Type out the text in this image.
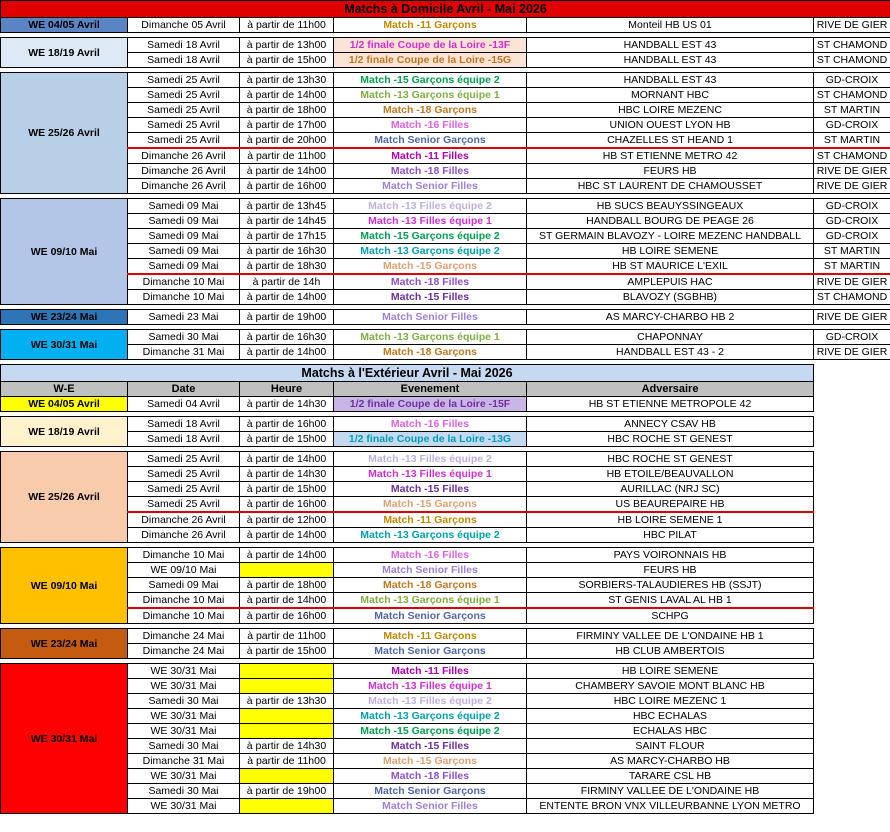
Matchs à Domicile Avril - Mai 2026					
WE 04/05 Avril	Dimanche 05 Avril	à partir de 11h00	Match -11 Garçons	Monteil HB US 01	RIVE DE GIER

WE 18/19 Avril	Samedi 18 Avril	à partir de 13h00	1/2 finale Coupe de la Loire -13F	HANDBALL EST 43	ST CHAMOND
	Samedi 18 Avril	à partir de 15h00	1/2 finale Coupe de la Loire -15G	HANDBALL EST 43	ST CHAMOND

WE 25/26 Avril	Samedi 25 Avril	à partir de 13h30	Match -15 Garçons équipe 2	HANDBALL EST 43	GD-CROIX
	Samedi 25 Avril	à partir de 14h00	Match -13 Garçons équipe 1	MORNANT HBC	ST CHAMOND
	Samedi 25 Avril	à partir de 18h00	Match -18 Garçons	HBC LOIRE MEZENC	ST MARTIN
	Samedi 25 Avril	à partir de 17h00	Match -16 Filles	UNION OUEST LYON HB	GD-CROIX
	Samedi 25 Avril	à partir de 20h00	Match Senior Garçons	CHAZELLES ST HEAND 1	ST MARTIN
	Dimanche 26 Avril	à partir de 11h00	Match -11 Filles	HB ST ETIENNE METRO 42	ST CHAMOND
	Dimanche 26 Avril	à partir de 14h00	Match -18 Filles	FEURS HB	RIVE DE GIER
	Dimanche 26 Avril	à partir de 16h00	Match Senior Filles	HBC ST LAURENT DE CHAMOUSSET	RIVE DE GIER

WE 09/10 Mai	Samedi 09 Mai	à partir de 13h45	Match -13 Filles équipe 2	HB SUCS BEAUYSSINGEAUX	GD-CROIX
	Samedi 09 Mai	à partir de 14h45	Match -13 Filles équipe 1	HANDBALL BOURG DE PEAGE 26	GD-CROIX
	Samedi 09 Mai	à partir de 17h15	Match -15 Garçons équipe 2	ST GERMAIN BLAVOZY - LOIRE MEZENC HANDBALL	GD-CROIX
	Samedi 09 Mai	à partir de 16h30	Match -13 Garçons équipe 2	HB LOIRE SEMENE	ST MARTIN
	Samedi 09 Mai	à partir de 18h30	Match -15 Garçons	HB ST MAURICE L'EXIL	ST MARTIN
	Dimanche 10 Mai	à partir de 14h	Match -18 Filles	AMPLEPUIS HAC	RIVE DE GIER
	Dimanche 10 Mai	à partir de 14h00	Match -15 Filles	BLAVOZY (SGBHB)	ST CHAMOND

WE 23/24 Mai	Samedi 23 Mai	à partir de 19h00	Match Senior Filles	AS MARCY-CHARBO HB 2	RIVE DE GIER

WE 30/31 Mai	Samedi 30 Mai	à partir de 16h30	Match -13 Garçons équipe 1	CHAPONNAY	GD-CROIX
	Dimanche 31 Mai	à partir de 14h00	Match -18 Garçons	HANDBALL EST 43 - 2	RIVE DE GIER

Matchs à l'Extérieur Avril - Mai 2026					
W-E	Date	Heure	Evenement	Adversaire	
WE 04/05 Avril	Samedi 04 Avril	à partir de 14h30	1/2 finale Coupe de la Loire -15F	HB ST ETIENNE METROPOLE 42	

WE 18/19 Avril	Samedi 18 Avril	à partir de 16h00	Match -16 Filles	ANNECY CSAV HB	
	Samedi 18 Avril	à partir de 15h00	1/2 finale Coupe de la Loire -13G	HBC ROCHE ST GENEST	

WE 25/26 Avril	Samedi 25 Avril	à partir de 14h00	Match -13 Filles équipe 2	HBC ROCHE ST GENEST	
	Samedi 25 Avril	à partir de 14h30	Match -13 Filles équipe 1	HB ETOILE/BEAUVALLON	
	Samedi 25 Avril	à partir de 15h00	Match -15 Filles	AURILLAC (NRJ SC)	
	Samedi 25 Avril	à partir de 16h00	Match -15 Garçons	US BEAUREPAIRE HB	
	Dimanche 26 Avril	à partir de 12h00	Match -11 Garçons	HB LOIRE SEMENE 1	
	Dimanche 26 Avril	à partir de 14h00	Match -13 Garçons équipe 2	HBC PILAT	

WE 09/10 Mai	Dimanche 10 Mai	à partir de 14h00	Match -16 Filles	PAYS VOIRONNAIS HB	
	WE 09/10 Mai		Match Senior Filles	FEURS HB	
	Samedi 09 Mai	à partir de 18h00	Match -18 Garçons	SORBIERS-TALAUDIERES HB (SSJT)	
	Dimanche 10 Mai	à partir de 14h00	Match -13 Garçons équipe 1	ST GENIS LAVAL AL HB 1	
	Dimanche 10 Mai	à partir de 16h00	Match Senior Garçons	SCHPG	

WE 23/24 Mai	Dimanche 24 Mai	à partir de 11h00	Match -11 Garçons	FIRMINY VALLEE DE L'ONDAINE HB 1	
	Dimanche 24 Mai	à partir de 15h00	Match Senior Garçons	HB CLUB AMBERTOIS	

WE 30/31 Mai	WE 30/31 Mai		Match -11 Filles	HB LOIRE SEMENE	
	WE 30/31 Mai		Match -13 Filles équipe 1	CHAMBERY SAVOIE MONT BLANC HB	
	Samedi 30 Mai	à partir de 13h30	Match -13 Filles équipe 2	HBC LOIRE MEZENC 1	
	WE 30/31 Mai		Match -13 Garçons équipe 2	HBC ECHALAS	
	WE 30/31 Mai		Match -15 Garçons équipe 2	ECHALAS HBC	
	Samedi 30 Mai	à partir de 14h30	Match -15 Filles	SAINT FLOUR	
	Dimanche 31 Mai	à partir de 11h00	Match -15 Garçons	AS MARCY-CHARBO HB	
	WE 30/31 Mai		Match -18 Filles	TARARE CSL HB	
	Samedi 30 Mai	à partir de 19h00	Match Senior Garçons	FIRMINY VALLEE DE L'ONDAINE HB	
	WE 30/31 Mai		Match Senior Filles	ENTENTE BRON VNX VILLEURBANNE LYON METRO	
